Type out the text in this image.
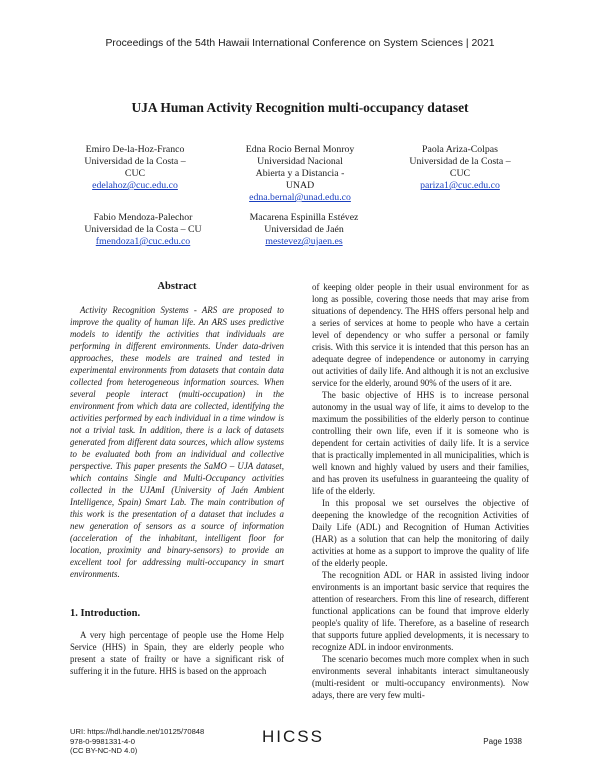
Proceedings of the 54th Hawaii International Conference on System Sciences | 2021
UJA Human Activity Recognition multi-occupancy dataset
Emiro De-la-Hoz-Franco
Universidad de la Costa –
CUC
edelahoz@cuc.edu.co
Edna Rocio Bernal Monroy
Universidad Nacional
Abierta y a Distancia -
UNAD
edna.bernal@unad.edu.co
Paola Ariza-Colpas
Universidad de la Costa –
CUC
pariza1@cuc.edu.co
Fabio Mendoza-Palechor
Universidad de la Costa – CU
fmendoza1@cuc.edu.co
Macarena Espinilla Estévez
Universidad de Jaén
mestevez@ujaen.es
Abstract

Activity Recognition Systems - ARS are proposed to improve the quality of human life. An ARS uses predictive models to identify the activities that individuals are performing in different environments. Under data-driven approaches, these models are trained and tested in experimental environments from datasets that contain data collected from heterogeneous information sources. When several people interact (multi-occupation) in the environment from which data are collected, identifying the activities performed by each individual in a time window is not a trivial task. In addition, there is a lack of datasets generated from different data sources, which allow systems to be evaluated both from an individual and collective perspective. This paper presents the SaMO – UJA dataset, which contains Single and Multi-Occupancy activities collected in the UJAmI (University of Jaén Ambient Intelligence, Spain) Smart Lab. The main contribution of this work is the presentation of a dataset that includes a new generation of sensors as a source of information (acceleration of the inhabitant, intelligent floor for location, proximity and binary-sensors) to provide an excellent tool for addressing multi-occupancy in smart environments.

1. Introduction.

A very high percentage of people use the Home Help Service (HHS) in Spain, they are elderly people who present a state of frailty or have a significant risk of suffering it in the future. HHS is based on the approach

of keeping older people in their usual environment for as long as possible, covering those needs that may arise from situations of dependency. The HHS offers personal help and a series of services at home to people who have a certain level of dependency or who suffer a personal or family crisis. With this service it is intended that this person has an adequate degree of independence or autonomy in carrying out activities of daily life. And although it is not an exclusive service for the elderly, around 90% of the users of it are.

The basic objective of HHS is to increase personal autonomy in the usual way of life, it aims to develop to the maximum the possibilities of the elderly person to continue controlling their own life, even if it is someone who is dependent for certain activities of daily life. It is a service that is practically implemented in all municipalities, which is well known and highly valued by users and their families, and has proven its usefulness in guaranteeing the quality of life of the elderly.

In this proposal we set ourselves the objective of deepening the knowledge of the recognition Activities of Daily Life (ADL) and Recognition of Human Activities (HAR) as a solution that can help the monitoring of daily activities at home as a support to improve the quality of life of the elderly people.

The recognition ADL or HAR in assisted living indoor environments is an important basic service that requires the attention of researchers. From this line of research, different functional applications can be found that improve elderly people's quality of life. Therefore, as a baseline of research that supports future applied developments, it is necessary to recognize ADL in indoor environments.

The scenario becomes much more complex when in such environments several inhabitants interact simultaneously (multi-resident or multi-occupancy environments). Now adays, there are very few multi-

URI: https://hdl.handle.net/10125/70848
978-0-9981331-4-0
(CC BY-NC-ND 4.0)
HICSS	Page 1938
